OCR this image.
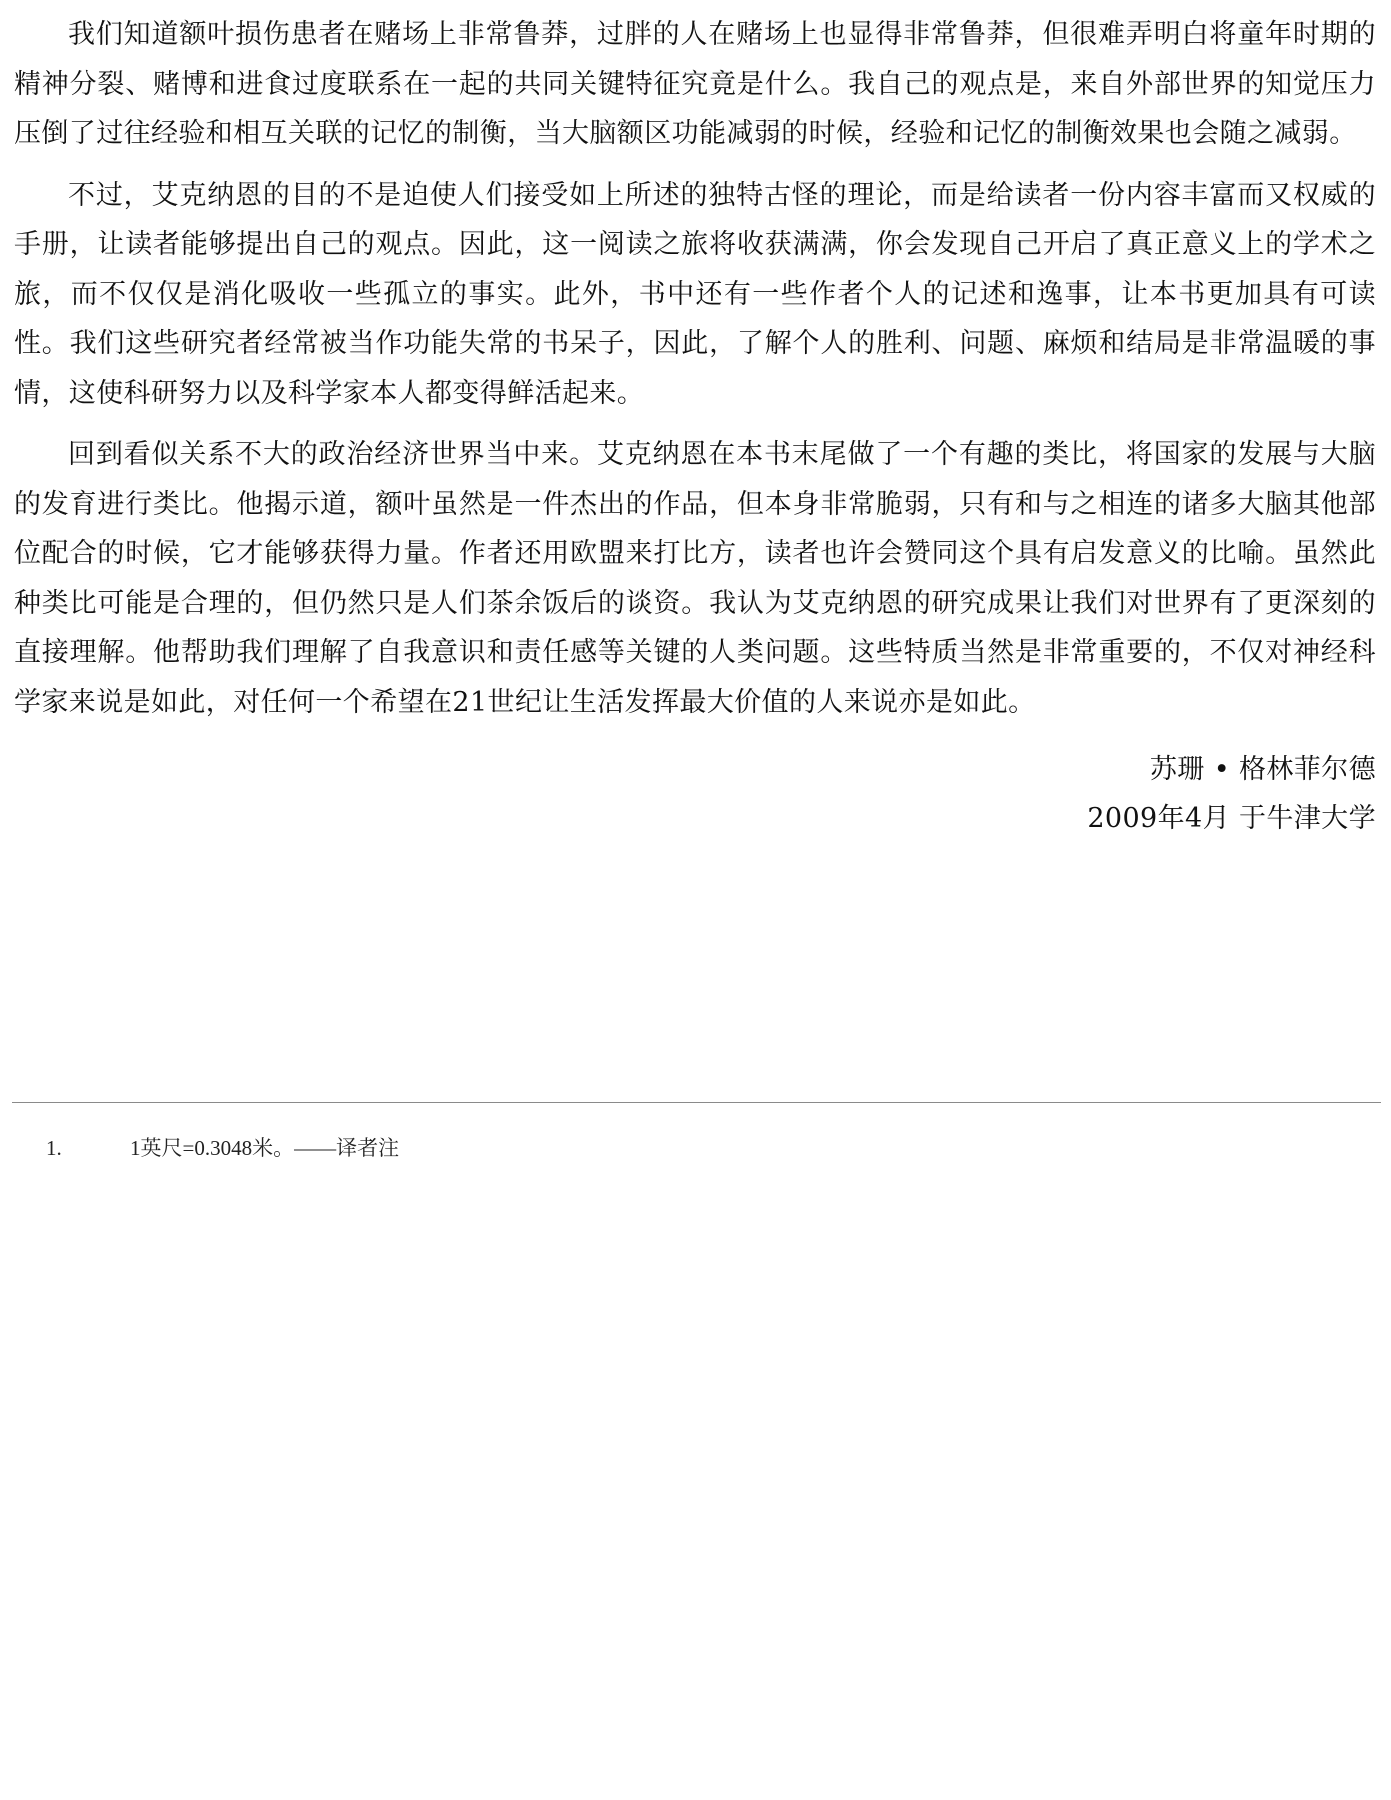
我们知道额叶损伤患者在赌场上非常鲁莽，过胖的人在赌场上也显得非常鲁莽，但很难弄明白将童年时期的精神分裂、赌博和进食过度联系在一起的共同关键特征究竟是什么。我自己的观点是，来自外部世界的知觉压力压倒了过往经验和相互关联的记忆的制衡，当大脑额区功能减弱的时候，经验和记忆的制衡效果也会随之减弱。

不过，艾克纳恩的目的不是迫使人们接受如上所述的独特古怪的理论，而是给读者一份内容丰富而又权威的手册，让读者能够提出自己的观点。因此，这一阅读之旅将收获满满，你会发现自己开启了真正意义上的学术之旅，而不仅仅是消化吸收一些孤立的事实。此外，书中还有一些作者个人的记述和逸事，让本书更加具有可读性。我们这些研究者经常被当作功能失常的书呆子，因此，了解个人的胜利、问题、麻烦和结局是非常温暖的事情，这使科研努力以及科学家本人都变得鲜活起来。

回到看似关系不大的政治经济世界当中来。艾克纳恩在本书末尾做了一个有趣的类比，将国家的发展与大脑的发育进行类比。他揭示道，额叶虽然是一件杰出的作品，但本身非常脆弱，只有和与之相连的诸多大脑其他部位配合的时候，它才能够获得力量。作者还用欧盟来打比方，读者也许会赞同这个具有启发意义的比喻。虽然此种类比可能是合理的，但仍然只是人们茶余饭后的谈资。我认为艾克纳恩的研究成果让我们对世界有了更深刻的直接理解。他帮助我们理解了自我意识和责任感等关键的人类问题。这些特质当然是非常重要的，不仅对神经科学家来说是如此，对任何一个希望在21世纪让生活发挥最大价值的人来说亦是如此。

苏珊 • 格林菲尔德
2009年4月 于牛津大学
1.	1英尺=0.3048米。——译者注
